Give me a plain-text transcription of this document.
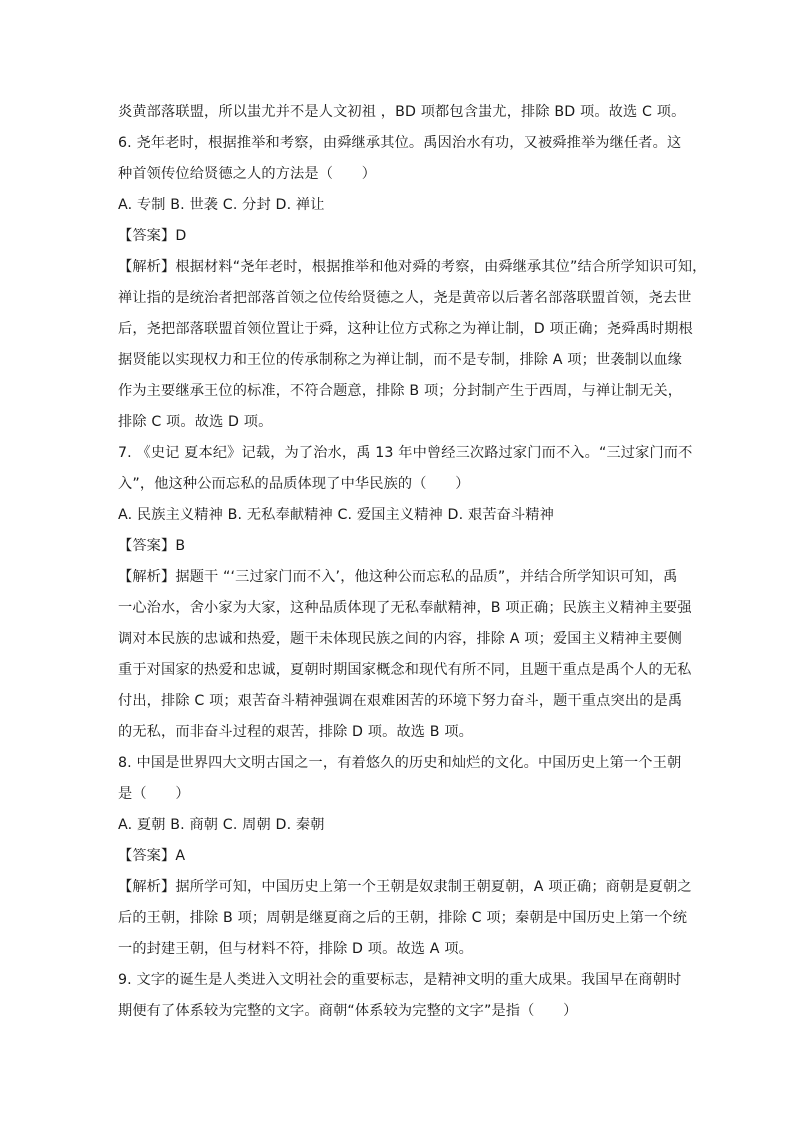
炎黄部落联盟，所以蚩尤并不是人文初祖 ，BD 项都包含蚩尤，排除 BD 项。故选 C 项。
6. 尧年老时，根据推举和考察，由舜继承其位。禹因治水有功，又被舜推举为继任者。这
种首领传位给贤德之人的方法是（　　）
A. 专制 B. 世袭 C. 分封 D. 禅让
【答案】D
【解析】根据材料“尧年老时，根据推举和他对舜的考察，由舜继承其位”结合所学知识可知，
禅让指的是统治者把部落首领之位传给贤德之人，尧是黄帝以后著名部落联盟首领，尧去世
后，尧把部落联盟首领位置让于舜，这种让位方式称之为禅让制，D 项正确；尧舜禹时期根
据贤能以实现权力和王位的传承制称之为禅让制，而不是专制，排除 A 项；世袭制以血缘
作为主要继承王位的标准，不符合题意，排除 B 项；分封制产生于西周，与禅让制无关，
排除 C 项。故选 D 项。
7. 《史记 夏本纪》记载，为了治水，禹 13 年中曾经三次路过家门而不入。“三过家门而不
入”，他这种公而忘私的品质体现了中华民族的（　　）
A. 民族主义精神 B. 无私奉献精神 C. 爱国主义精神 D. 艰苦奋斗精神
【答案】B
【解析】据题干 “‘三过家门而不入’，他这种公而忘私的品质”，并结合所学知识可知，禹
一心治水，舍小家为大家，这种品质体现了无私奉献精神，B 项正确；民族主义精神主要强
调对本民族的忠诚和热爱，题干未体现民族之间的内容，排除 A 项；爱国主义精神主要侧
重于对国家的热爱和忠诚，夏朝时期国家概念和现代有所不同，且题干重点是禹个人的无私
付出，排除 C 项；艰苦奋斗精神强调在艰难困苦的环境下努力奋斗，题干重点突出的是禹
的无私，而非奋斗过程的艰苦，排除 D 项。故选 B 项。
8. 中国是世界四大文明古国之一，有着悠久的历史和灿烂的文化。中国历史上第一个王朝
是（　　）
A. 夏朝 B. 商朝 C. 周朝 D. 秦朝
【答案】A
【解析】据所学可知，中国历史上第一个王朝是奴隶制王朝夏朝，A 项正确；商朝是夏朝之
后的王朝，排除 B 项；周朝是继夏商之后的王朝，排除 C 项；秦朝是中国历史上第一个统
一的封建王朝，但与材料不符，排除 D 项。故选 A 项。
9. 文字的诞生是人类进入文明社会的重要标志，是精神文明的重大成果。我国早在商朝时
期便有了体系较为完整的文字。商朝“体系较为完整的文字”是指（　　）
